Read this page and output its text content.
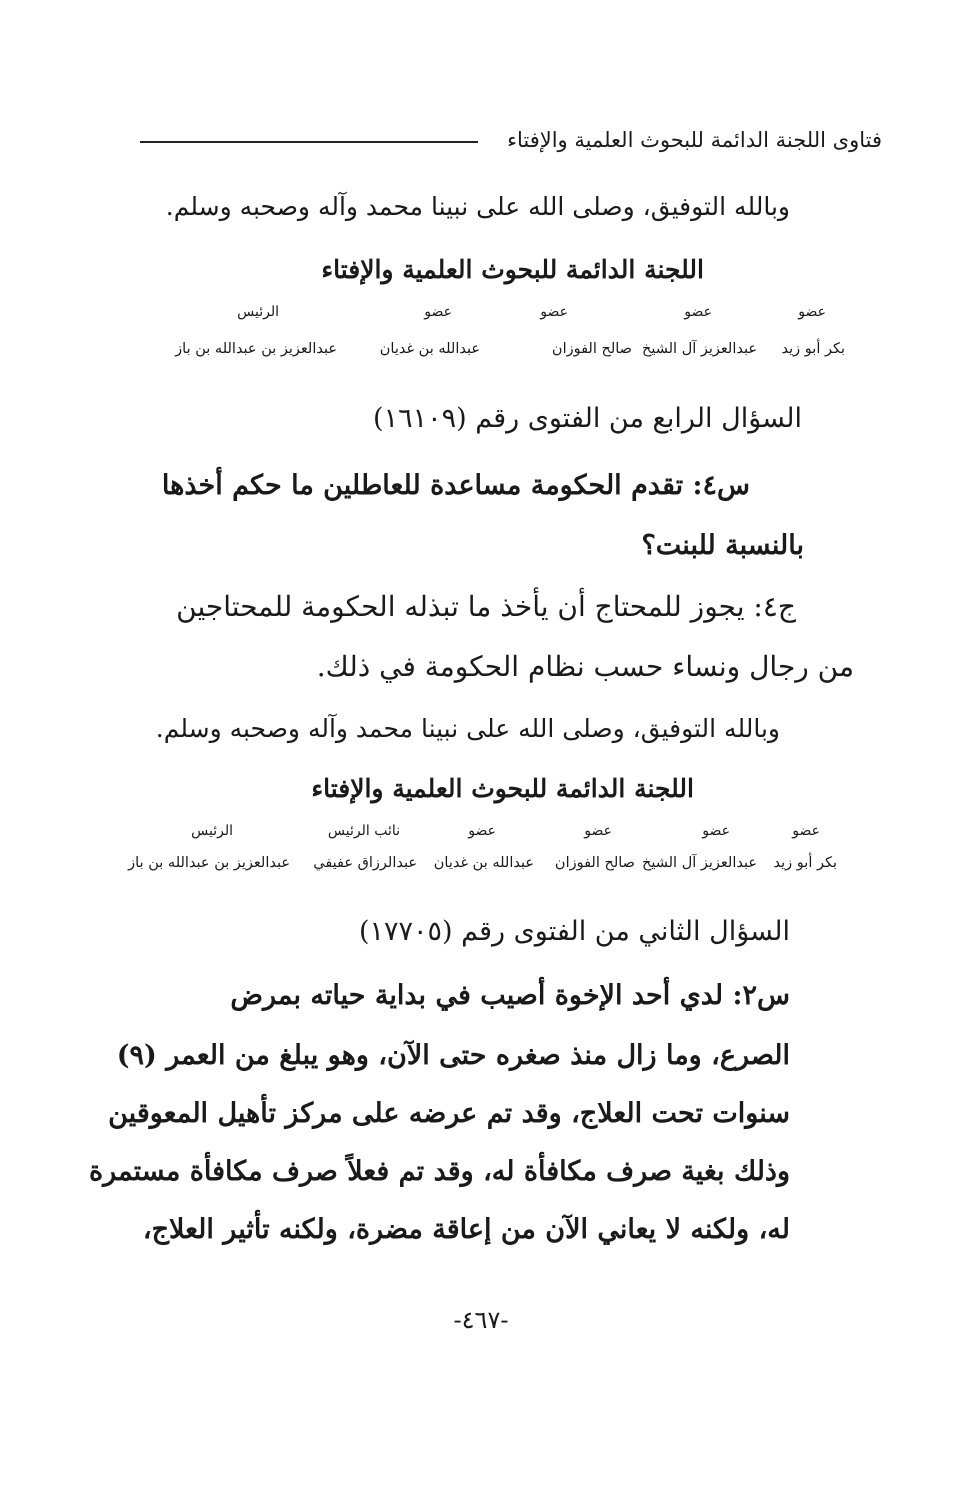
فتاوى اللجنة الدائمة للبحوث العلمية والإفتاء
وبالله التوفيق، وصلى الله على نبينا محمد وآله وصحبه وسلم.
اللجنة الدائمة للبحوث العلمية والإفتاء
عضو
عضو
عضو
عضو
الرئيس
بكر أبو زيد
عبدالعزيز آل الشيخ
صالح الفوزان
عبدالله بن غديان
عبدالعزيز بن عبدالله بن باز
السؤال الرابع من الفتوى رقم (١٦١٠٩)
س٤: تقدم الحكومة مساعدة للعاطلين ما حكم أخذها
بالنسبة للبنت؟
ج٤: يجوز للمحتاج أن يأخذ ما تبذله الحكومة للمحتاجين
من رجال ونساء حسب نظام الحكومة في ذلك.
وبالله التوفيق، وصلى الله على نبينا محمد وآله وصحبه وسلم.
اللجنة الدائمة للبحوث العلمية والإفتاء
عضو
عضو
عضو
عضو
نائب الرئيس
الرئيس
بكر أبو زيد
عبدالعزيز آل الشيخ
صالح الفوزان
عبدالله بن غديان
عبدالرزاق عفيفي
عبدالعزيز بن عبدالله بن باز
السؤال الثاني من الفتوى رقم (١٧٧٠٥)
س٢: لدي أحد الإخوة أصيب في بداية حياته بمرض
الصرع، وما زال منذ صغره حتى الآن، وهو يبلغ من العمر (٩)
سنوات تحت العلاج، وقد تم عرضه على مركز تأهيل المعوقين
وذلك بغية صرف مكافأة له، وقد تم فعلاً صرف مكافأة مستمرة
له، ولكنه لا يعاني الآن من إعاقة مضرة، ولكنه تأثير العلاج،
-٤٦٧-
